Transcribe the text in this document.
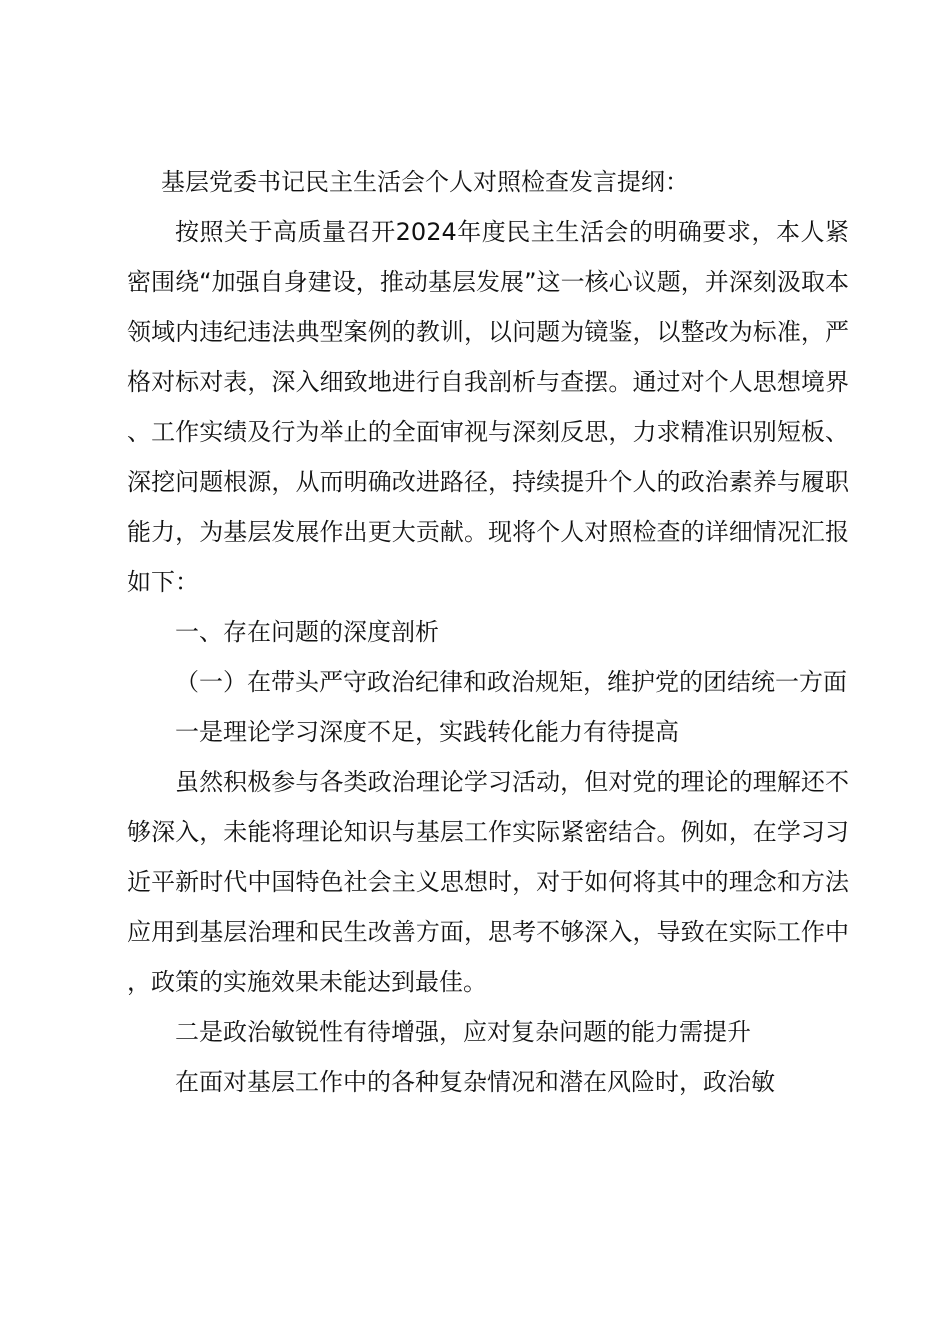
基层党委书记民主生活会个人对照检查发言提纲：

按照关于高质量召开2024年度民主生活会的明确要求，本人紧密围绕“加强自身建设，推动基层发展”这一核心议题，并深刻汲取本领域内违纪违法典型案例的教训，以问题为镜鉴，以整改为标准，严格对标对表，深入细致地进行自我剖析与查摆。通过对个人思想境界、工作实绩及行为举止的全面审视与深刻反思，力求精准识别短板、深挖问题根源，从而明确改进路径，持续提升个人的政治素养与履职能力，为基层发展作出更大贡献。现将个人对照检查的详细情况汇报如下：

一、存在问题的深度剖析

（一）在带头严守政治纪律和政治规矩，维护党的团结统一方面

一是理论学习深度不足，实践转化能力有待提高

虽然积极参与各类政治理论学习活动，但对党的理论的理解还不够深入，未能将理论知识与基层工作实际紧密结合。例如，在学习习近平新时代中国特色社会主义思想时，对于如何将其中的理念和方法应用到基层治理和民生改善方面，思考不够深入，导致在实际工作中，政策的实施效果未能达到最佳。

二是政治敏锐性有待增强，应对复杂问题的能力需提升

在面对基层工作中的各种复杂情况和潜在风险时，政治敏
